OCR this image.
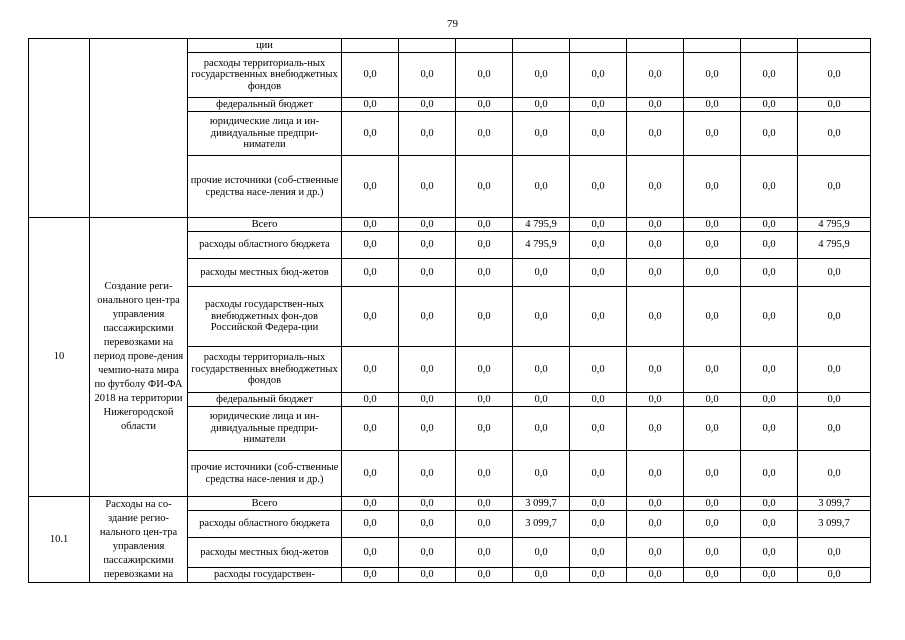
79
		ции									
		расходы территориаль-ных государственных внебюджетных фондов	0,0	0,0	0,0	0,0	0,0	0,0	0,0	0,0	0,0
		федеральный бюджет	0,0	0,0	0,0	0,0	0,0	0,0	0,0	0,0	0,0
		юридические лица и ин-дивидуальные предпри-ниматели	0,0	0,0	0,0	0,0	0,0	0,0	0,0	0,0	0,0
		прочие источники (соб-ственные средства насе-ления и др.)	0,0	0,0	0,0	0,0	0,0	0,0	0,0	0,0	0,0
10	Создание реги-онального цен-тра управления пассажирскими перевозками на период прове-дения чемпио-ната мира по футболу ФИ-ФА 2018 на территории Нижегородской области	Всего	0,0	0,0	0,0	4 795,9	0,0	0,0	0,0	0,0	4 795,9
		расходы областного бюджета	0,0	0,0	0,0	4 795,9	0,0	0,0	0,0	0,0	4 795,9
		расходы местных бюд-жетов	0,0	0,0	0,0	0,0	0,0	0,0	0,0	0,0	0,0
		расходы государствен-ных внебюджетных фон-дов Российской Федера-ции	0,0	0,0	0,0	0,0	0,0	0,0	0,0	0,0	0,0
		расходы территориаль-ных государственных внебюджетных фондов	0,0	0,0	0,0	0,0	0,0	0,0	0,0	0,0	0,0
		федеральный бюджет	0,0	0,0	0,0	0,0	0,0	0,0	0,0	0,0	0,0
		юридические лица и ин-дивидуальные предпри-ниматели	0,0	0,0	0,0	0,0	0,0	0,0	0,0	0,0	0,0
		прочие источники (соб-ственные средства насе-ления и др.)	0,0	0,0	0,0	0,0	0,0	0,0	0,0	0,0	0,0
10.1	Расходы на со-здание регио-нального цен-тра управления пассажирскими перевозками на	Всего	0,0	0,0	0,0	3 099,7	0,0	0,0	0,0	0,0	3 099,7
		расходы областного бюджета	0,0	0,0	0,0	3 099,7	0,0	0,0	0,0	0,0	3 099,7
		расходы местных бюд-жетов	0,0	0,0	0,0	0,0	0,0	0,0	0,0	0,0	0,0
		расходы государствен-	0,0	0,0	0,0	0,0	0,0	0,0	0,0	0,0	0,0
